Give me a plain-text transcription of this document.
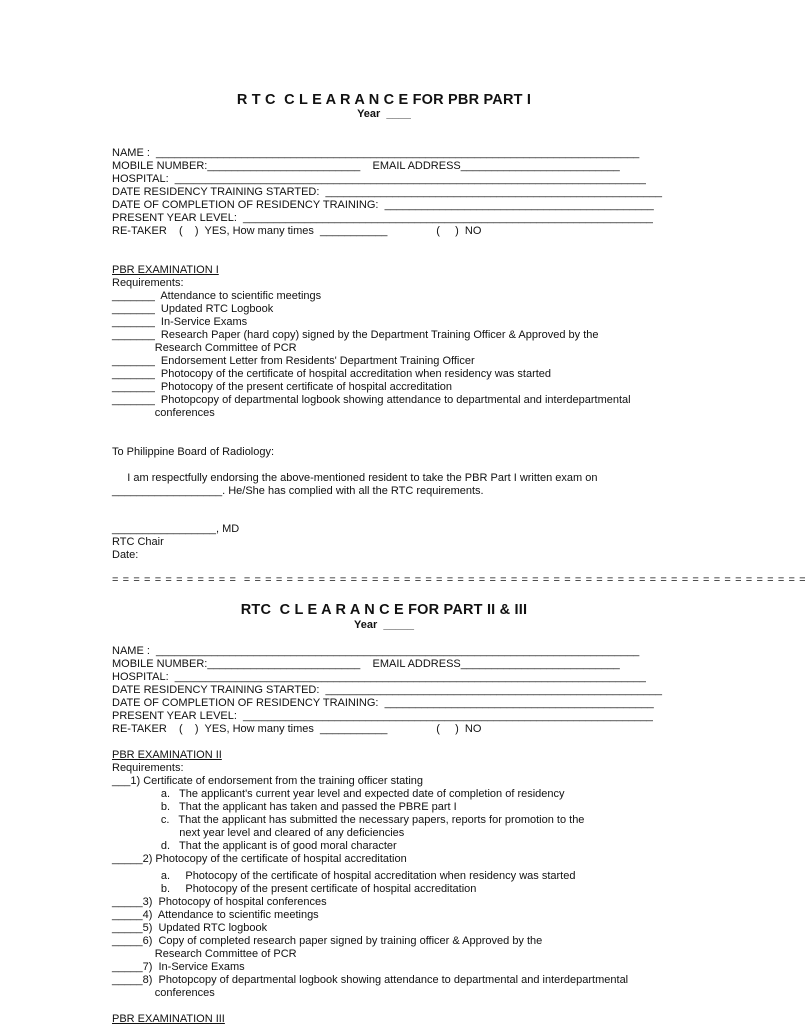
R T C  C L E A R A N C E FOR PBR PART I
Year  ____
NAME :  _______________________________________________________________________________
MOBILE NUMBER:_________________________    EMAIL ADDRESS__________________________
HOSPITAL:  _____________________________________________________________________________
DATE RESIDENCY TRAINING STARTED:  _______________________________________________________
DATE OF COMPLETION OF RESIDENCY TRAINING:  ____________________________________________
PRESENT YEAR LEVEL:  ___________________________________________________________________
RE-TAKER    (    )  YES, How many times  ___________                (     )  NO
PBR EXAMINATION I
Requirements:
_______  Attendance to scientific meetings
_______  Updated RTC Logbook
_______  In-Service Exams
_______  Research Paper (hard copy) signed by the Department Training Officer & Approved by the
Research Committee of PCR
_______  Endorsement Letter from Residents' Department Training Officer
_______  Photocopy of the certificate of hospital accreditation when residency was started
_______  Photocopy of the present certificate of hospital accreditation
_______  Photopcopy of departmental logbook showing attendance to departmental and interdepartmental
conferences
To Philippine Board of Radiology:
I am respectfully endorsing the above-mentioned resident to take the PBR Part I written exam on
__________________. He/She has complied with all the RTC requirements.
_________________, MD
RTC Chair
Date:
= = = = = = = = = = = =  = = = = = = = = = = = = = = = = = = = = = = = = = = = = = = = = = = = = = = = = = = = = = = = = = = = = =
RTC  C L E A R A N C E FOR PART II & III
Year  _____
NAME :  _______________________________________________________________________________
MOBILE NUMBER:_________________________    EMAIL ADDRESS__________________________
HOSPITAL:  _____________________________________________________________________________
DATE RESIDENCY TRAINING STARTED:  _______________________________________________________
DATE OF COMPLETION OF RESIDENCY TRAINING:  ____________________________________________
PRESENT YEAR LEVEL:  ___________________________________________________________________
RE-TAKER    (    )  YES, How many times  ___________                (     )  NO
PBR EXAMINATION II
Requirements:
___1) Certificate of endorsement from the training officer stating
a.   The applicant's current year level and expected date of completion of residency
b.   That the applicant has taken and passed the PBRE part I
c.   That the applicant has submitted the necessary papers, reports for promotion to the
next year level and cleared of any deficiencies
d.   That the applicant is of good moral character
_____2) Photocopy of the certificate of hospital accreditation
a.     Photocopy of the certificate of hospital accreditation when residency was started
b.     Photocopy of the present certificate of hospital accreditation
_____3)  Photocopy of hospital conferences
_____4)  Attendance to scientific meetings
_____5)  Updated RTC logbook
_____6)  Copy of completed research paper signed by training officer & Approved by the
Research Committee of PCR
_____7)  In-Service Exams
_____8)  Photopcopy of departmental logbook showing attendance to departmental and interdepartmental
conferences
PBR EXAMINATION III
